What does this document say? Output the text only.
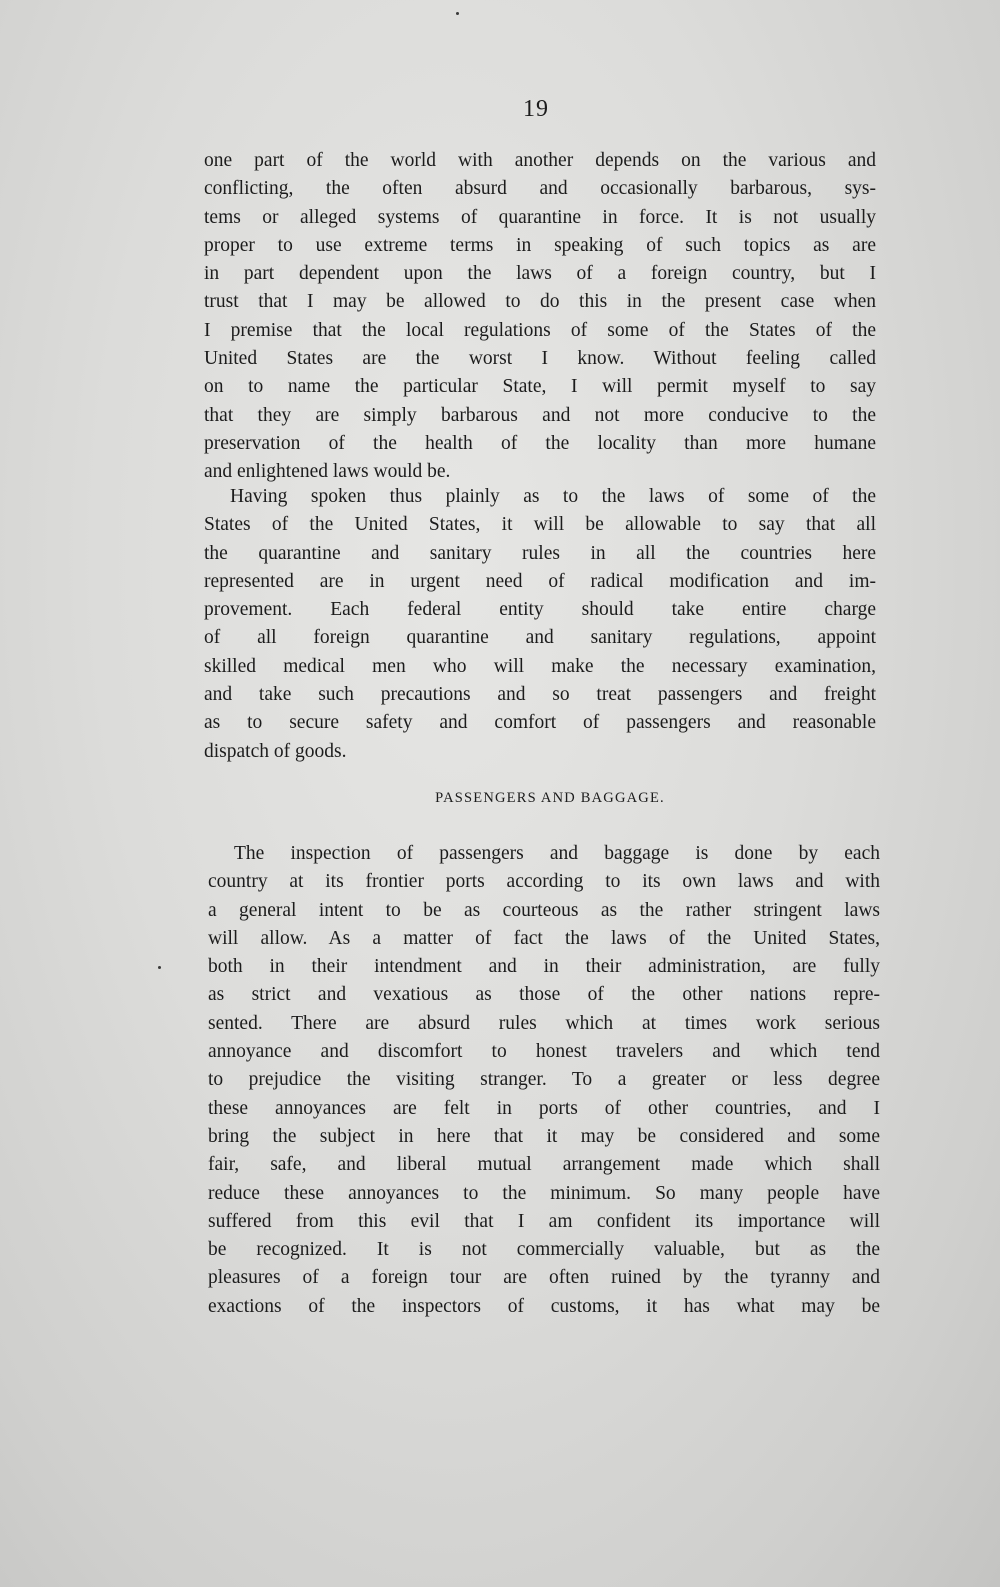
19
one part of the world with another depends on the various and
conflicting, the often absurd and occasionally barbarous, sys-
tems or alleged systems of quarantine in force. It is not usually
proper to use extreme terms in speaking of such topics as are
in part dependent upon the laws of a foreign country, but I
trust that I may be allowed to do this in the present case when
I premise that the local regulations of some of the States of the
United States are the worst I know. Without feeling called
on to name the particular State, I will permit myself to say
that they are simply barbarous and not more conducive to the
preservation of the health of the locality than more humane
and enlightened laws would be.
Having spoken thus plainly as to the laws of some of the
States of the United States, it will be allowable to say that all
the quarantine and sanitary rules in all the countries here
represented are in urgent need of radical modification and im-
provement. Each federal entity should take entire charge
of all foreign quarantine and sanitary regulations, appoint
skilled medical men who will make the necessary examination,
and take such precautions and so treat passengers and freight
as to secure safety and comfort of passengers and reasonable
dispatch of goods.
PASSENGERS AND BAGGAGE.
The inspection of passengers and baggage is done by each
country at its frontier ports according to its own laws and with
a general intent to be as courteous as the rather stringent laws
will allow. As a matter of fact the laws of the United States,
both in their intendment and in their administration, are fully
as strict and vexatious as those of the other nations repre-
sented. There are absurd rules which at times work serious
annoyance and discomfort to honest travelers and which tend
to prejudice the visiting stranger. To a greater or less degree
these annoyances are felt in ports of other countries, and I
bring the subject in here that it may be considered and some
fair, safe, and liberal mutual arrangement made which shall
reduce these annoyances to the minimum. So many people have
suffered from this evil that I am confident its importance will
be recognized. It is not commercially valuable, but as the
pleasures of a foreign tour are often ruined by the tyranny and
exactions of the inspectors of customs, it has what may be
